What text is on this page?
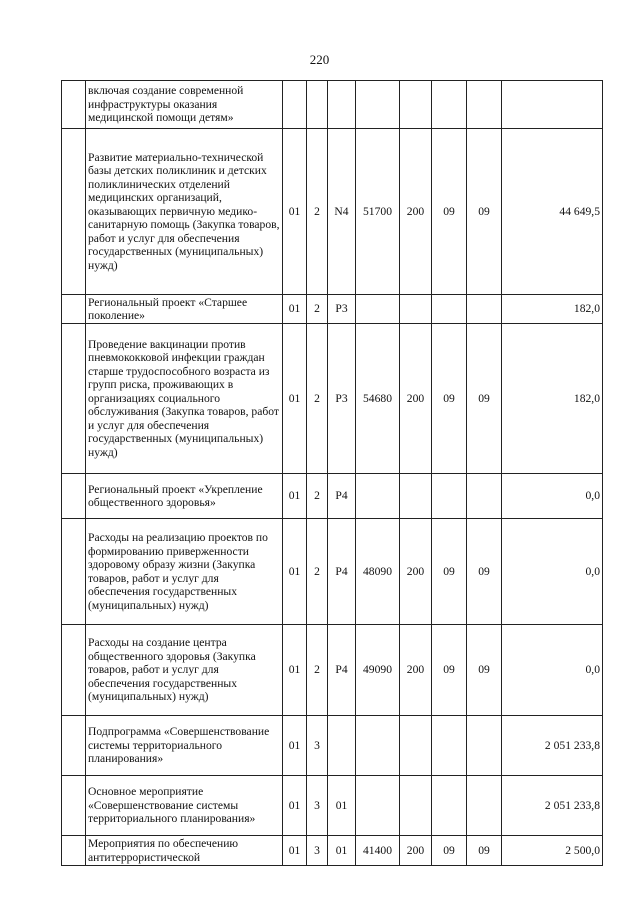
220
	включая создание современной инфраструктуры оказания медицинской помощи детям»								
	Развитие материально-технической базы детских поликлиник и детских поликлинических отделений медицинских организаций, оказывающих первичную медико-санитарную помощь (Закупка товаров, работ и услуг для обеспечения государственных (муниципальных) нужд)	01	2	N4	51700	200	09	09	44 649,5
	Региональный проект «Старшее поколение»	01	2	P3					182,0
	Проведение вакцинации против пневмококковой инфекции граждан старше трудоспособного возраста из групп риска, проживающих в организациях социального обслуживания (Закупка товаров, работ и услуг для обеспечения государственных (муниципальных) нужд)	01	2	P3	54680	200	09	09	182,0
	Региональный проект «Укрепление общественного здоровья»	01	2	P4					0,0
	Расходы на реализацию проектов по формированию приверженности здоровому образу жизни (Закупка товаров, работ и услуг для обеспечения государственных (муниципальных) нужд)	01	2	P4	48090	200	09	09	0,0
	Расходы на создание центра общественного здоровья (Закупка товаров, работ и услуг для обеспечения государственных (муниципальных) нужд)	01	2	P4	49090	200	09	09	0,0
	Подпрограмма «Совершенствование системы территориального планирования»	01	3						2 051 233,8
	Основное мероприятие «Совершенствование системы территориального планирования»	01	3	01					2 051 233,8
	Мероприятия по обеспечению антитеррористической	01	3	01	41400	200	09	09	2 500,0
